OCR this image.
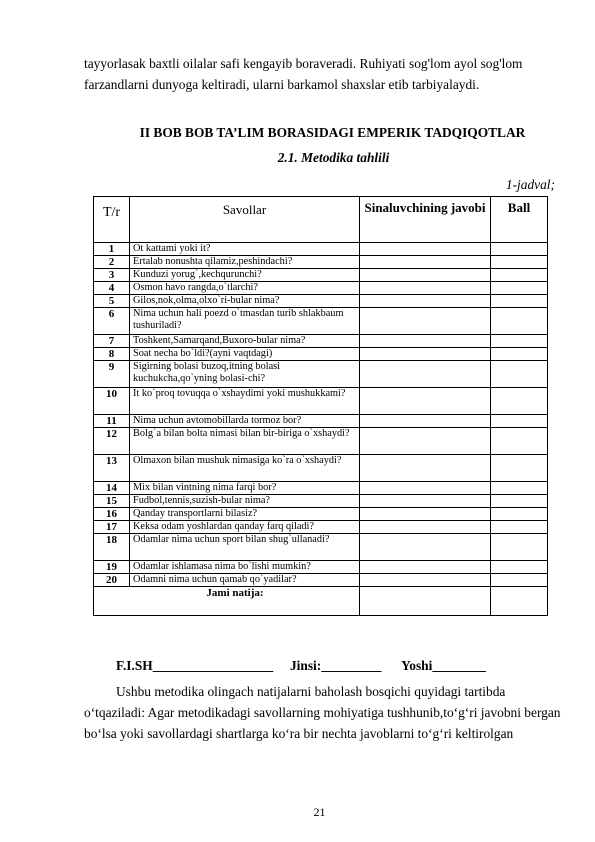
tayyorlasak baxtli oilalar safi kengayib boraveradi. Ruhiyati sog'lom ayol sog'lom farzandlarni dunyoga keltiradi, ularni barkamol shaxslar etib tarbiyalaydi.
II BOB BOB TA’LIM BORASIDAGI EMPERIK TADQIQOTLAR
2.1. Metodika tahlili
1-jadval;
T/r	Savollar	Sinaluvchining javobi	Ball
1	Ot kattami yoki it?		
2	Ertalab nonushta qilamiz,peshindachi?		
3	Kunduzi yorug`,kechqurunchi?		
4	Osmon havo rangda,o`tlarchi?		
5	Gilos,nok,olma,olxo`ri-bular nima?		
6	Nima uchun hali poezd o`tmasdan turib shlakbaum tushuriladi?		
7	Toshkent,Samarqand,Buxoro-bular nima?		
8	Soat necha bo`ldi?(ayni vaqtdagi)		
9	Sigirning bolasi buzoq,itning bolasi kuchukcha,qo`yning bolasi-chi?		
10	It ko`proq tovuqqa o`xshaydimi yoki mushukkami?		
11	Nima uchun avtomobillarda tormoz bor?		
12	Bolg`a bilan bolta nimasi bilan bir-biriga o`xshaydi?		
13	Olmaxon bilan mushuk nimasiga ko`ra o`xshaydi?		
14	Mix bilan vintning nima farqi bor?		
15	Fudbol,tennis,suzish-bular nima?		
16	Qanday transportlarni bilasiz?		
17	Keksa odam yoshlardan qanday farq qiladi?		
18	Odamlar nima uchun sport bilan shug`ullanadi?		
19	Odamlar ishlamasa nima bo`lishi mumkin?		
20	Odamni nima uchun qamab qo`yadilar?		
Jami natija:			
F.I.SH__________________     Jinsi:_________      Yoshi________
Ushbu metodika olingach natijalarni baholash bosqichi quyidagi tartibda o‘tqaziladi: Agar metodikadagi savollarning mohiyatiga tushhunib,to‘g‘ri javobni bergan bo‘lsa yoki savollardagi shartlarga ko‘ra bir nechta javoblarni to‘g‘ri keltirolgan
21
